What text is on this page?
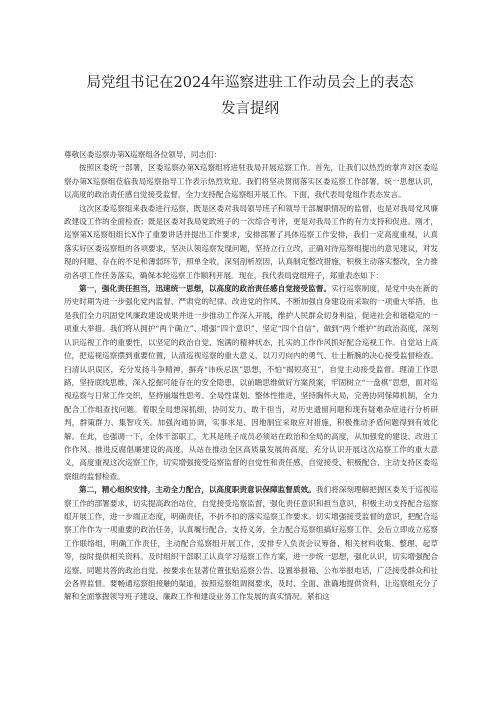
局党组书记在2024年巡察进驻工作动员会上的表态
发言提纲

尊敬区委巡察办第X巡察组各位领导，同志们：

按照区委统一部署，区委巡察办第X巡察组将进驻我局开展巡察工作。首先，让我们以热烈的掌声对区委巡察办第X巡察组莅临我局巡察指导工作表示热烈欢迎。我们将坚决贯彻落实区委巡察工作部署，统一思想认识，以高度的政治责任感自觉接受监督，全力支持配合巡察组开展工作。下面，我代表局党组作表态发言。

这次区委巡察组来我委进行巡察，既是区委对我局领导班子和领导干部履职情况的监督，也是对我局党风廉政建设工作的全面检查；既是区委对我局党政班子的一次综合考评，更是对我局工作的有力支持和促进。刚才，巡察第X巡察组组长X作了重要讲话并提出工作要求，安排部署了具体巡察工作安排，我们一定高度重视，认真落实好区委巡察组的各项要求，坚决认领巡察发现问题，坚持立行立改，正确对待巡察组提出的意见建议，对发现的问题、存在的不足和薄弱环节，照单全收，深刻剖析原因，认真制定整改措施，积极主动落实整改，全力推动各项工作任务落实，确保本轮巡察工作顺利开展。现在，我代表局党组班子，郑重表态如下：

第一，强化责任担当，迅速统一思想，以高度的政治责任感自觉接受监督。实行巡察制度，是党中央在新的历史时期为进一步强化党内监督、严肃党的纪律、改进党的作风、不断加强自身建设而采取的一项重大举措，也是我们全力巩固党风廉政建设成果并进一步推动工作深入开展，维护人民群众切身利益，促进社会和谐稳定的一项重大举措。我们将从拥护“两个确立”、增强“四个意识”、坚定“四个自信”、做到“两个维护”的政治高度，深刻认识巡视工作的重要性，以坚定的政治自觉、饱满的精神状态，扎实的工作作风抓好配合巡视工作。自觉站上高位，把巡视巡察摆到重要位置，认清巡视巡察的重大意义，以刀刃向内的勇气、壮士断腕的决心接受监督检查。扫清认识误区，充分发扬斗争精神，摒弃“讳疾忌医”思想，不怕“揭短亮丑”，自觉主动接受监督。理清工作思路，坚持底线思维，深入挖掘可能存在的安全隐患，以前瞻思维做好方案预案，牢固树立“一盘棋”思想，面对巡视巡察与日常工作交织，坚持崩塌性思考、全局性谋划、整体性推进，坚持胸怀大局，完善协同保障机制，全力配合工作组查找问题。着眼全局想深抓细，协同发力、敢于担当，对历史遗留问题和现有疑难杂症进行分析研判，群策群力、集智攻关。加强沟通协调，实事求是、因地制宜采取应对措施，积极推动矛盾问题得到有效化解。在此，也强调一下，全体干部职工，尤其是班子成员必须站在政治和全局的高度，从加强党的建设、改进工作作风、推进反腐倡廉建设的高度，从站在推动全区高质量发展的高度，充分认识开展这次巡察工作的重大意义，高度重视这次巡察工作，切实增强接受巡察监督的自觉性和责任感，自觉接受、积极配合、主动支持区委巡察组的监督检查。

第二，精心组织安排，主动全力配合，以高度职责意识保障监督质效。我们将深刻理解把握区委关于巡视巡察工作的部署要求，切实提高政治站位，自觉接受巡察监督，强化责任意识和担当意识，积极主动支持配合巡察组开展工作，进一步端正态度，明确责任，不折不扣的落实巡察工作要求。切实增强接受监督的意识，把配合巡察工作作为一项重要的政治任务，认真履行配合、支持义务，全力配合巡察组搞好巡察工作。会后立即成立巡察工作联络组，明确工作责任，主动配合巡察组开展工作，安排专人负责会议筹备、相关材料收集、整理、起草等，按时提供相关资料。及时组织干部职工认真学习巡察工作方案，进一步统一思想，强化认识，切实增强配合巡察、同题共答的政治自觉。按要求在显著位置张贴巡察公告、设置举报箱、公布举报电话，广泛接受群众和社会各界监督。要畅通巡察组接触的渠道，按照巡察组调阅要求，及时、全面、准确地提供资料，让巡察组充分了解和全面掌握领导班子建设、廉政工作和建设业务工作发展的真实情况。紧扣这
